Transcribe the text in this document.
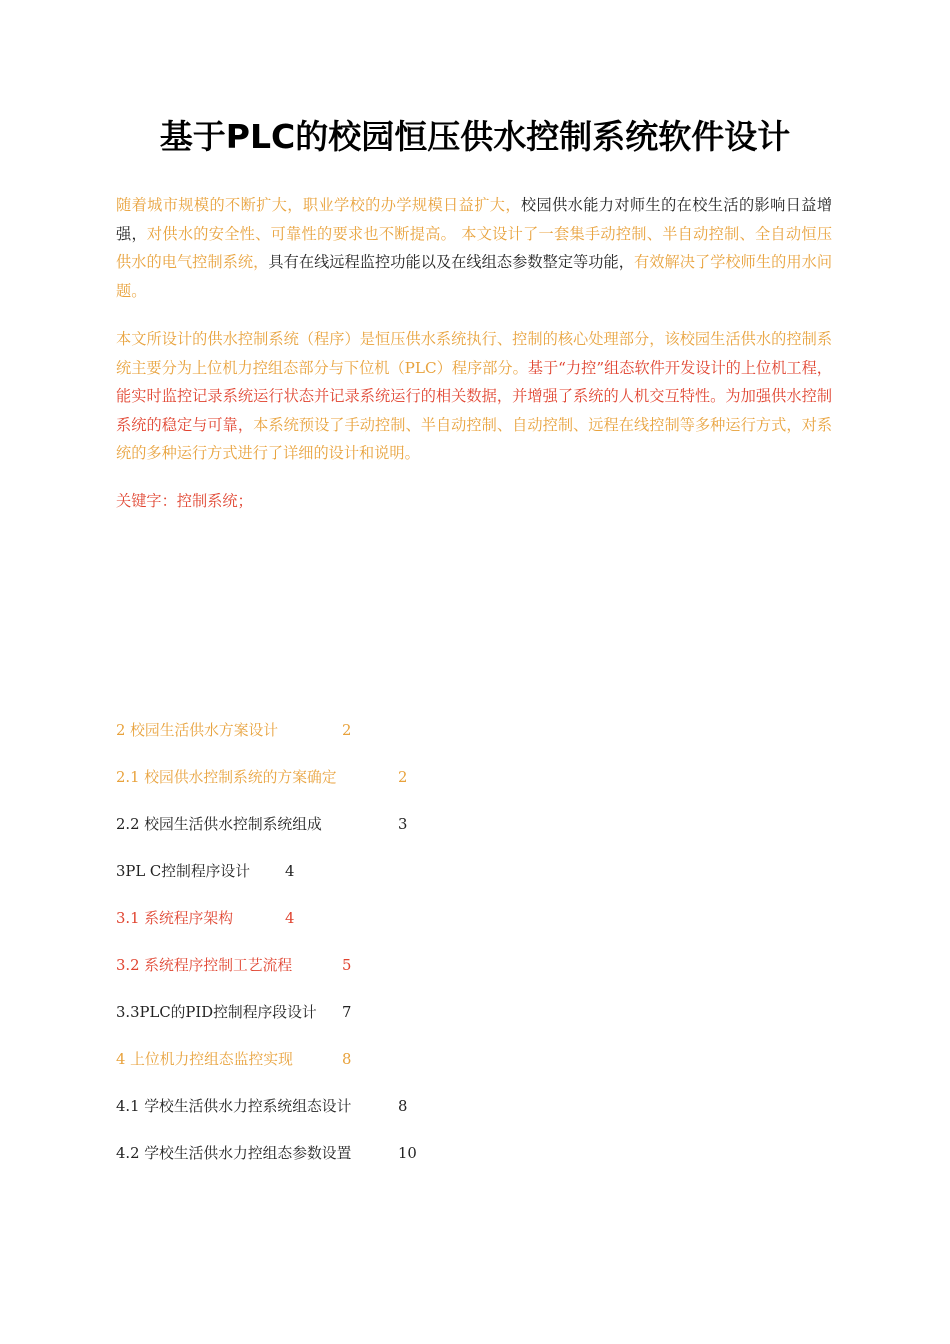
基于PLC的校园恒压供水控制系统软件设计

随着城市规模的不断扩大，职业学校的办学规模日益扩大，校园供水能力对师生的在校生活的影响日益增强，对供水的安全性、可靠性的要求也不断提高。 本文设计了一套集手动控制、半自动控制、全自动恒压供水的电气控制系统，具有在线远程监控功能以及在线组态参数整定等功能，有效解决了学校师生的用水问题。

本文所设计的供水控制系统（程序）是恒压供水系统执行、控制的核心处理部分，该校园生活供水的控制系统主要分为上位机力控组态部分与下位机（PLC）程序部分。基于“力控”组态软件开发设计的上位机工程，能实时监控记录系统运行状态并记录系统运行的相关数据，并增强了系统的人机交互特性。为加强供水控制系统的稳定与可靠，本系统预设了手动控制、半自动控制、自动控制、远程在线控制等多种运行方式，对系统的多种运行方式进行了详细的设计和说明。

关键字：控制系统；

2 校园生活供水方案设计	2
2.1 校园供水控制系统的方案确定	2
2.2 校园生活供水控制系统组成	3
3PL C控制程序设计 4
3.1 系统程序架构	4
3.2 系统程序控制工艺流程	5
3.3PLC的PID控制程序段设计 7
4 上位机力控组态监控实现	8
4.1 学校生活供水力控系统组态设计	8
4.2 学校生活供水力控组态参数设置	10
